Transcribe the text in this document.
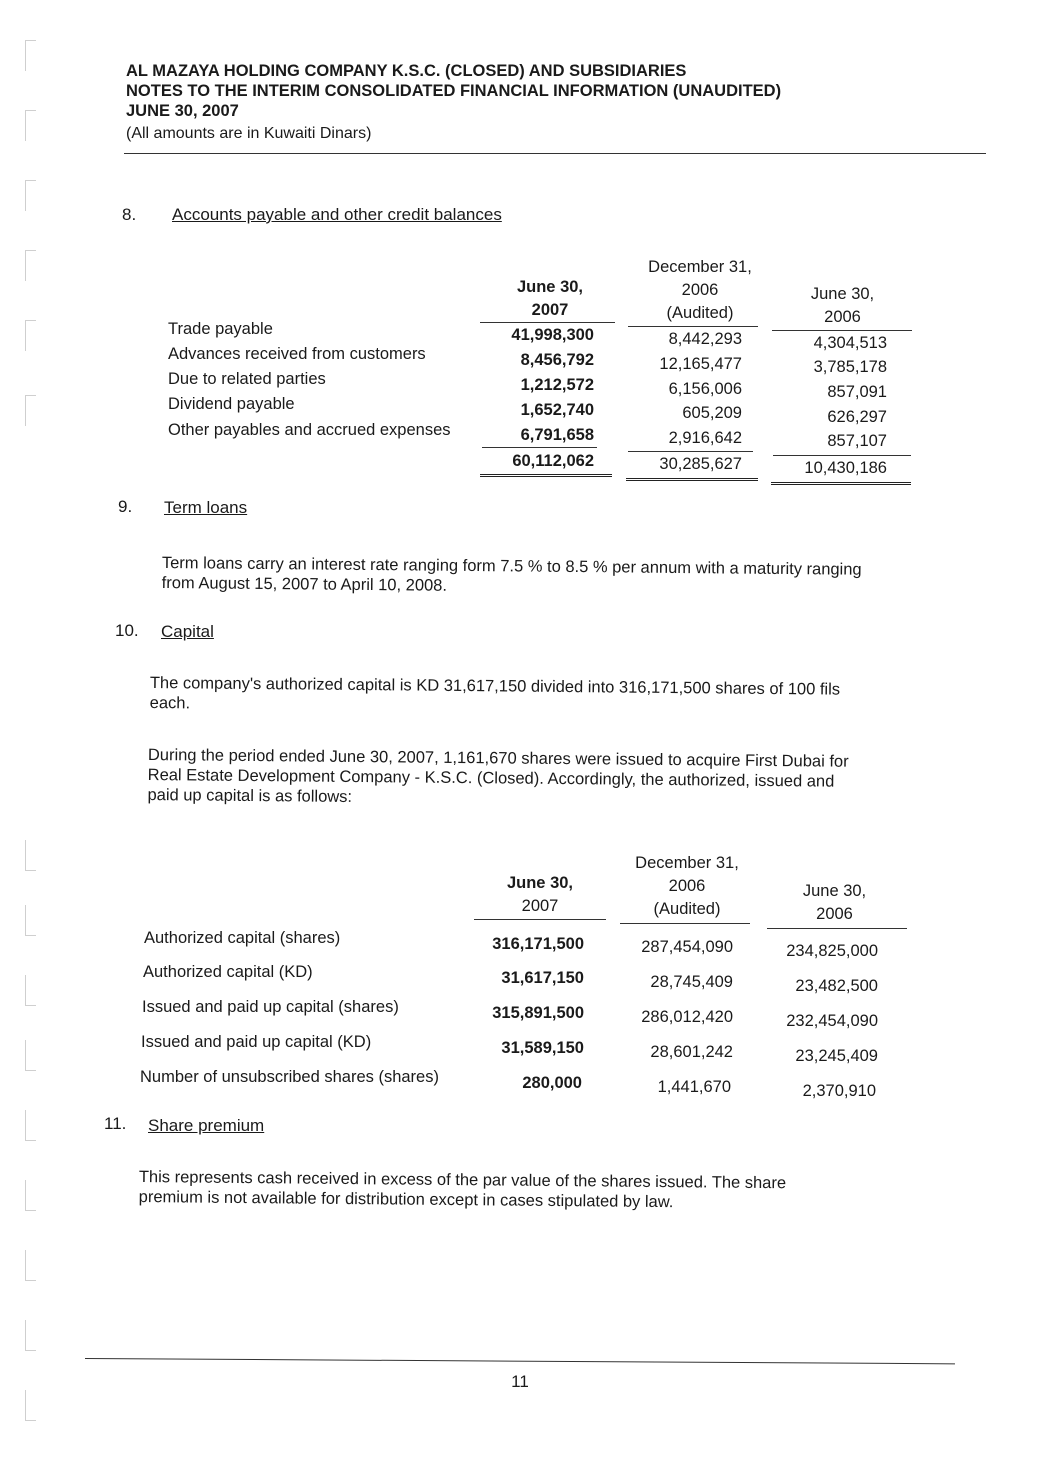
AL MAZAYA HOLDING COMPANY K.S.C. (CLOSED) AND SUBSIDIARIES
NOTES TO THE INTERIM CONSOLIDATED FINANCIAL INFORMATION (UNAUDITED)
JUNE 30, 2007
(All amounts are in Kuwaiti Dinars)
8. Accounts payable and other credit balances
June 30,
2007
December 31,
2006
(Audited)
June 30,
2006
Trade payable
Advances received from customers
Due to related parties
Dividend payable
Other payables and accrued expenses
41,998,300
8,456,792
1,212,572
1,652,740
6,791,658
8,442,293
12,165,477
6,156,006
605,209
2,916,642
4,304,513
3,785,178
857,091
626,297
857,107
60,112,062	30,285,627	10,430,186
9. Term loans
Term loans carry an interest rate ranging form 7.5 % to 8.5 % per annum with a maturity ranging
from August 15, 2007 to April 10, 2008.
10. Capital
The company's authorized capital is KD 31,617,150 divided into 316,171,500 shares of 100 fils
each.
During the period ended June 30, 2007, 1,161,670 shares were issued to acquire First Dubai for
Real Estate Development Company - K.S.C. (Closed). Accordingly, the authorized, issued and
paid up capital is as follows:
June 30,
2007
December 31,
2006
(Audited)
June 30,
2006
Authorized capital (shares)
Authorized capital (KD)
Issued and paid up capital (shares)
Issued and paid up capital (KD)
Number of unsubscribed shares (shares)
316,171,500
31,617,150
315,891,500
31,589,150
280,000
287,454,090
28,745,409
286,012,420
28,601,242
1,441,670
234,825,000
23,482,500
232,454,090
23,245,409
2,370,910
11. Share premium
This represents cash received in excess of the par value of the shares issued. The share
premium is not available for distribution except in cases stipulated by law.
11
